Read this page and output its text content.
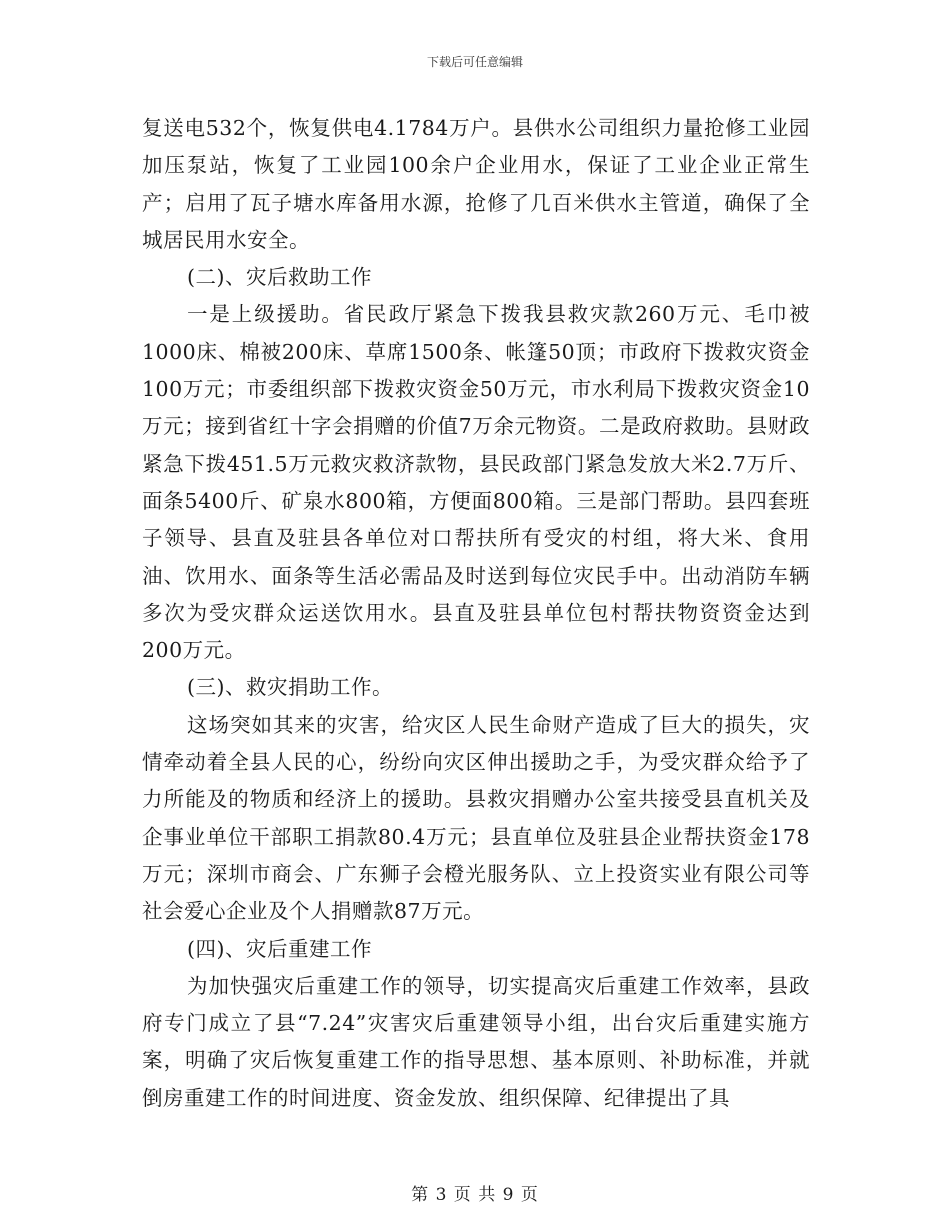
下载后可任意编辑

复送电532个，恢复供电4.1784万户。县供水公司组织力量抢修工业园加压泵站，恢复了工业园100余户企业用水，保证了工业企业正常生产；启用了瓦子塘水库备用水源，抢修了几百米供水主管道，确保了全城居民用水安全。

(二)、灾后救助工作

一是上级援助。省民政厅紧急下拨我县救灾款260万元、毛巾被1000床、棉被200床、草席1500条、帐篷50顶；市政府下拨救灾资金100万元；市委组织部下拨救灾资金50万元，市水利局下拨救灾资金10万元；接到省红十字会捐赠的价值7万余元物资。二是政府救助。县财政紧急下拨451.5万元救灾救济款物，县民政部门紧急发放大米2.7万斤、面条5400斤、矿泉水800箱，方便面800箱。三是部门帮助。县四套班子领导、县直及驻县各单位对口帮扶所有受灾的村组，将大米、食用油、饮用水、面条等生活必需品及时送到每位灾民手中。出动消防车辆多次为受灾群众运送饮用水。县直及驻县单位包村帮扶物资资金达到200万元。

(三)、救灾捐助工作。

这场突如其来的灾害，给灾区人民生命财产造成了巨大的损失，灾情牵动着全县人民的心，纷纷向灾区伸出援助之手，为受灾群众给予了力所能及的物质和经济上的援助。县救灾捐赠办公室共接受县直机关及企事业单位干部职工捐款80.4万元；县直单位及驻县企业帮扶资金178万元；深圳市商会、广东狮子会橙光服务队、立上投资实业有限公司等社会爱心企业及个人捐赠款87万元。

(四)、灾后重建工作

为加快强灾后重建工作的领导，切实提高灾后重建工作效率，县政府专门成立了县“7.24”灾害灾后重建领导小组，出台灾后重建实施方案，明确了灾后恢复重建工作的指导思想、基本原则、补助标准，并就倒房重建工作的时间进度、资金发放、组织保障、纪律提出了具

第 3 页 共 9 页
